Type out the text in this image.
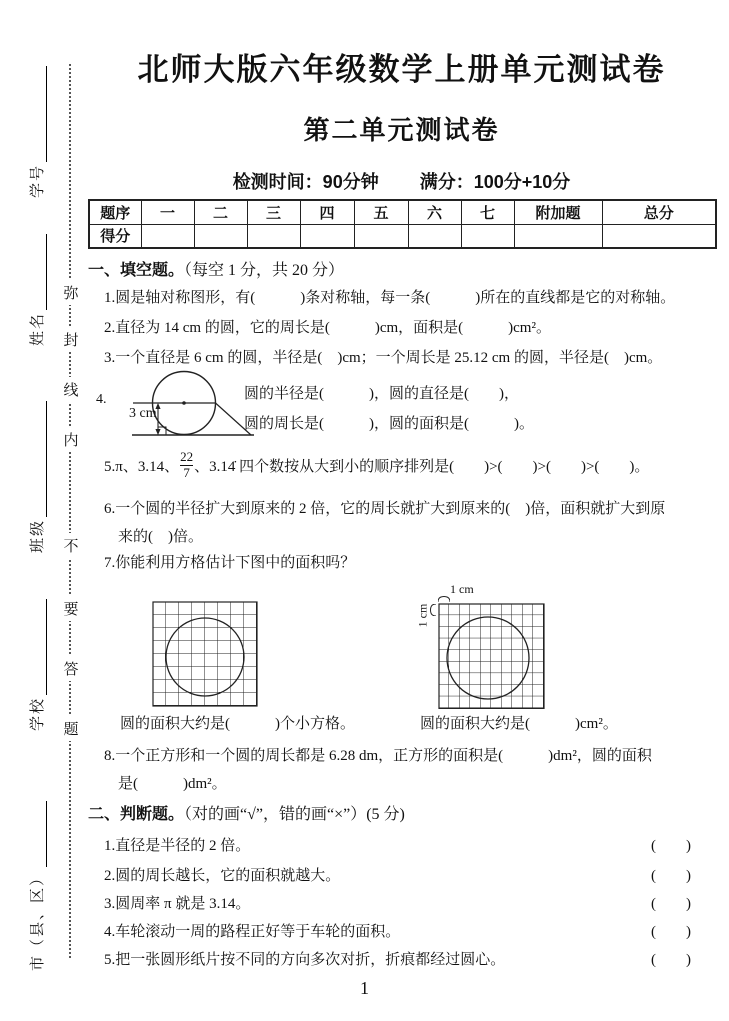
学号
姓名
班级
学校
市（县、区）
弥
封
线
内
不
要
答
题
北师大版六年级数学上册单元测试卷
第二单元测试卷
检测时间：90分钟 满分：100分+10分
题序	一	二	三	四	五	六	七	附加题	总分
得分									
一、填空题。（每空 1 分，共 20 分）
1.圆是轴对称图形，有(　　　)条对称轴，每一条(　　　)所在的直线都是它的对称轴。
2.直径为 14 cm 的圆，它的周长是(　　　)cm，面积是(　　　)cm²。
3.一个直径是 6 cm 的圆，半径是(　)cm；一个周长是 25.12 cm 的圆，半径是(　)cm。
4.
3 cm
圆的半径是(　　　)，圆的直径是(　　)，
圆的周长是(　　　)，圆的面积是(　　　)。
5.π、3.14、 $\frac{22}{7}$ 、3.14̇ 四个数按从大到小的顺序排列是(　　)>(　　)>(　　)>(　　)。
6.一个圆的半径扩大到原来的 2 倍，它的周长就扩大到原来的(　)倍，面积就扩大到原
来的(　)倍。
7.你能利用方格估计下图中的面积吗？
1 cm
1 cm
圆的面积大约是(　　　)个小方格。	圆的面积大约是(　　　)cm²。
8.一个正方形和一个圆的周长都是 6.28 dm，正方形的面积是(　　　)dm²，圆的面积
是(　　　)dm²。
二、判断题。（对的画“√”，错的画“×”）(5 分)
1.直径是半径的 2 倍。	(　　)
2.圆的周长越长，它的面积就越大。	(　　)
3.圆周率 π 就是 3.14。	(　　)
4.车轮滚动一周的路程正好等于车轮的面积。	(　　)
5.把一张圆形纸片按不同的方向多次对折，折痕都经过圆心。	(　　)
1
